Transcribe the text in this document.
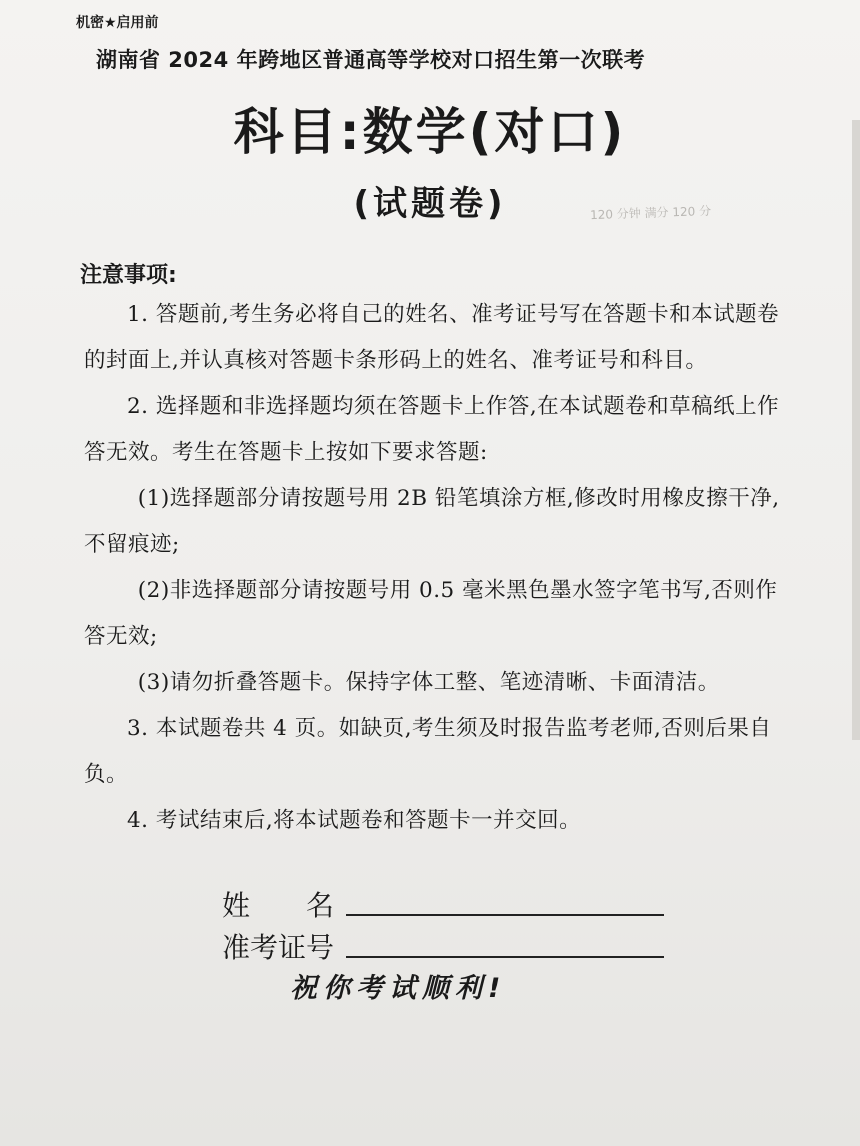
120 分钟 满分 120 分
机密★启用前
湖南省 2024 年跨地区普通高等学校对口招生第一次联考
科目:数学(对口)
(试题卷)
注意事项:

1. 答题前,考生务必将自己的姓名、准考证号写在答题卡和本试题卷的封面上,并认真核对答题卡条形码上的姓名、准考证号和科目。

2. 选择题和非选择题均须在答题卡上作答,在本试题卷和草稿纸上作答无效。考生在答题卡上按如下要求答题:

(1)选择题部分请按题号用 2B 铅笔填涂方框,修改时用橡皮擦干净,不留痕迹;

(2)非选择题部分请按题号用 0.5 毫米黑色墨水签字笔书写,否则作答无效;

(3)请勿折叠答题卡。保持字体工整、笔迹清晰、卡面清洁。

3. 本试题卷共 4 页。如缺页,考生须及时报告监考老师,否则后果自负。

4. 考试结束后,将本试题卷和答题卡一并交回。

姓　　名
准考证号
祝你考试顺利!
